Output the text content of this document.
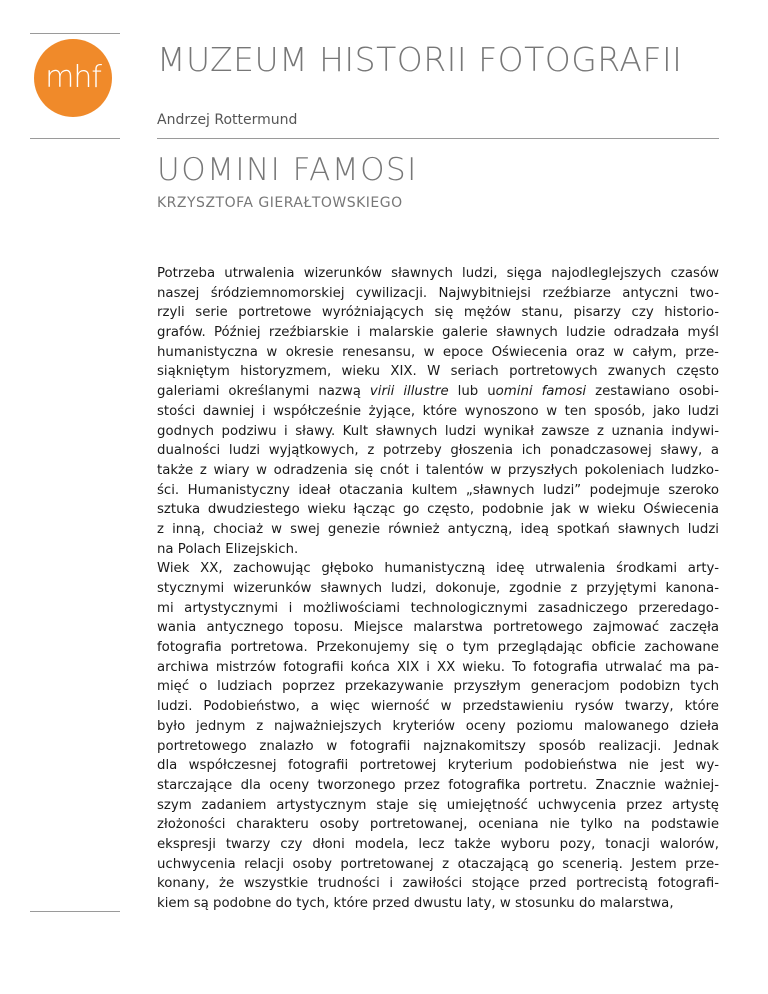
mhf MUZEUM HISTORII FOTOGRAFII

Andrzej Rottermund

UOMINI FAMOSI

KRZYSZTOFA GIERAŁTOWSKIEGO

Potrzeba utrwalenia wizerunków sławnych ludzi, sięga najodleglejszych czasów
naszej śródziemnomorskiej cywilizacji. Najwybitniejsi rzeźbiarze antyczni two-
rzyli serie portretowe wyróżniających się mężów stanu, pisarzy czy historio-
grafów. Później rzeźbiarskie i malarskie galerie sławnych ludzie odradzała myśl
humanistyczna w okresie renesansu, w epoce Oświecenia oraz w całym, prze-
siąkniętym historyzmem, wieku XIX. W seriach portretowych zwanych często
galeriami określanymi nazwą virii illustre lub uomini famosi zestawiano osobi-
stości dawniej i współcześnie żyjące, które wynoszono w ten sposób, jako ludzi
godnych podziwu i sławy. Kult sławnych ludzi wynikał zawsze z uznania indywi-
dualności ludzi wyjątkowych, z potrzeby głoszenia ich ponadczasowej sławy, a
także z wiary w odradzenia się cnót i talentów w przyszłych pokoleniach ludzko-
ści. Humanistyczny ideał otaczania kultem „sławnych ludzi” podejmuje szeroko
sztuka dwudziestego wieku łącząc go często, podobnie jak w wieku Oświecenia
z inną, chociaż w swej genezie również antyczną, ideą spotkań sławnych ludzi
na Polach Elizejskich.
Wiek XX, zachowując głęboko humanistyczną ideę utrwalenia środkami arty-
stycznymi wizerunków sławnych ludzi, dokonuje, zgodnie z przyjętymi kanona-
mi artystycznymi i możliwościami technologicznymi zasadniczego przeredago-
wania antycznego toposu. Miejsce malarstwa portretowego zajmować zaczęła
fotografia portretowa. Przekonujemy się o tym przeglądając obficie zachowane
archiwa mistrzów fotografii końca XIX i XX wieku. To fotografia utrwalać ma pa-
mięć o ludziach poprzez przekazywanie przyszłym generacjom podobizn tych
ludzi. Podobieństwo, a więc wierność w przedstawieniu rysów twarzy, które
było jednym z najważniejszych kryteriów oceny poziomu malowanego dzieła
portretowego znalazło w fotografii najznakomitszy sposób realizacji. Jednak
dla współczesnej fotografii portretowej kryterium podobieństwa nie jest wy-
starczające dla oceny tworzonego przez fotografika portretu. Znacznie ważniej-
szym zadaniem artystycznym staje się umiejętność uchwycenia przez artystę
złożoności charakteru osoby portretowanej, oceniana nie tylko na podstawie
ekspresji twarzy czy dłoni modela, lecz także wyboru pozy, tonacji walorów,
uchwycenia relacji osoby portretowanej z otaczającą go scenerią. Jestem prze-
konany, że wszystkie trudności i zawiłości stojące przed portrecistą fotografi-
kiem są podobne do tych, które przed dwustu laty, w stosunku do malarstwa,
